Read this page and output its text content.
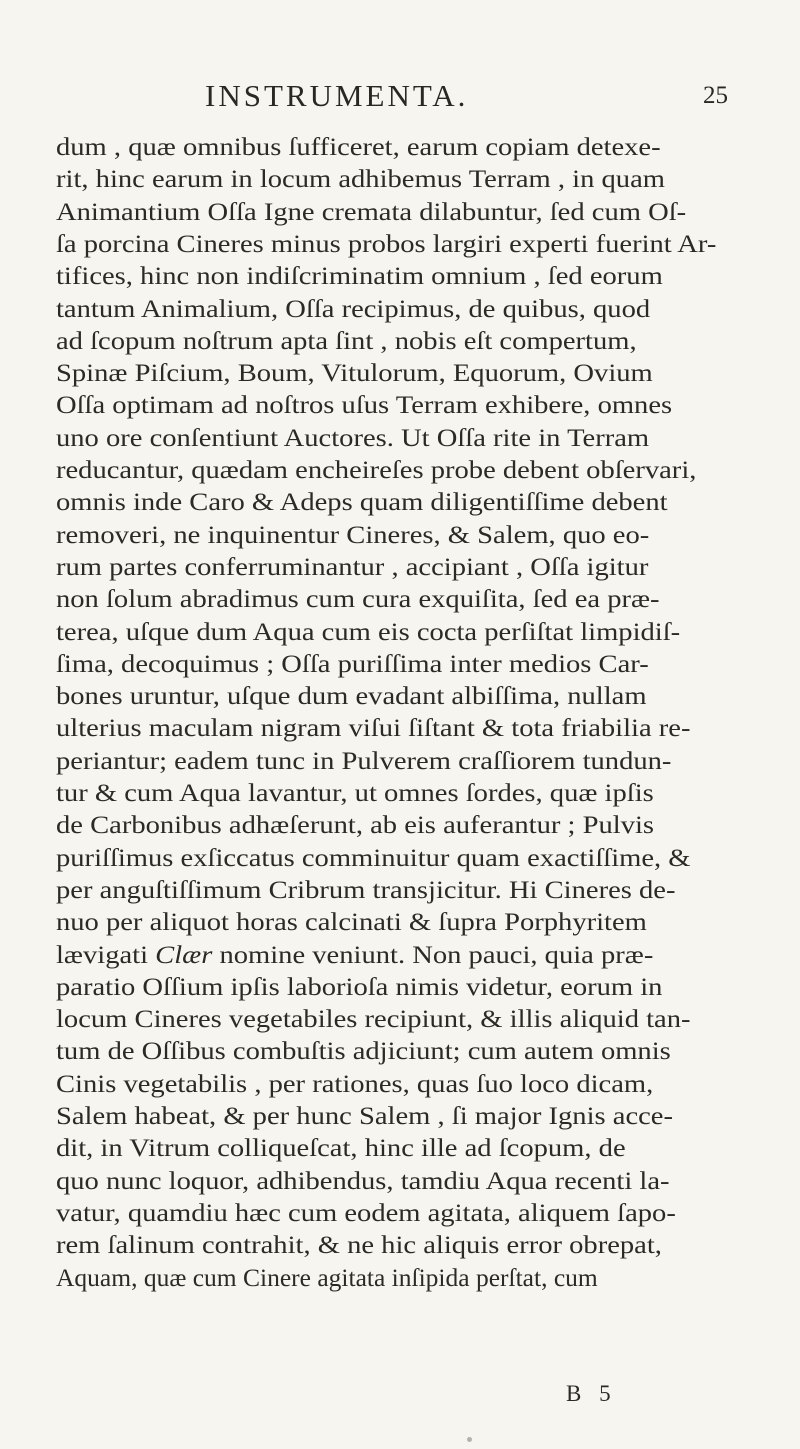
INSTRUMENTA.	25
dum , quæ omnibus ſufficeret, earum copiam detexe-
rit, hinc earum in locum adhibemus Terram , in quam
Animantium Oſſa Igne cremata dilabuntur, ſed cum Oſ-
ſa porcina Cineres minus probos largiri experti fuerint Ar-
tifices, hinc non indiſcriminatim omnium , ſed eorum
tantum Animalium, Oſſa recipimus, de quibus, quod
ad ſcopum noſtrum apta ſint , nobis eſt compertum,
Spinæ Piſcium, Boum, Vitulorum, Equorum, Ovium
Oſſa optimam ad noſtros uſus Terram exhibere, omnes
uno ore conſentiunt Auctores. Ut Oſſa rite in Terram
reducantur, quædam encheireſes probe debent obſervari,
omnis inde Caro & Adeps quam diligentiſſime debent
removeri, ne inquinentur Cineres, & Salem, quo eo-
rum partes conferruminantur , accipiant , Oſſa igitur
non ſolum abradimus cum cura exquiſita, ſed ea præ-
terea, uſque dum Aqua cum eis cocta perſiſtat limpidiſ-
ſima, decoquimus ; Oſſa puriſſima inter medios Car-
bones uruntur, uſque dum evadant albiſſima, nullam
ulterius maculam nigram viſui ſiſtant & tota friabilia re-
periantur; eadem tunc in Pulverem craſſiorem tundun-
tur & cum Aqua lavantur, ut omnes ſordes, quæ ipſis
de Carbonibus adhæſerunt, ab eis auferantur ; Pulvis
puriſſimus exſiccatus comminuitur quam exactiſſime, &
per anguſtiſſimum Cribrum transjicitur. Hi Cineres de-
nuo per aliquot horas calcinati & ſupra Porphyritem
lævigati Clær nomine veniunt. Non pauci, quia præ-
paratio Oſſium ipſis laborioſa nimis videtur, eorum in
locum Cineres vegetabiles recipiunt, & illis aliquid tan-
tum de Oſſibus combuſtis adjiciunt; cum autem omnis
Cinis vegetabilis , per rationes, quas ſuo loco dicam,
Salem habeat, & per hunc Salem , ſi major Ignis acce-
dit, in Vitrum colliqueſcat, hinc ille ad ſcopum, de
quo nunc loquor, adhibendus, tamdiu Aqua recenti la-
vatur, quamdiu hæc cum eodem agitata, aliquem ſapo-
rem ſalinum contrahit, & ne hic aliquis error obrepat,
Aquam, quæ cum Cinere agitata inſipida perſtat, cum
B 5
